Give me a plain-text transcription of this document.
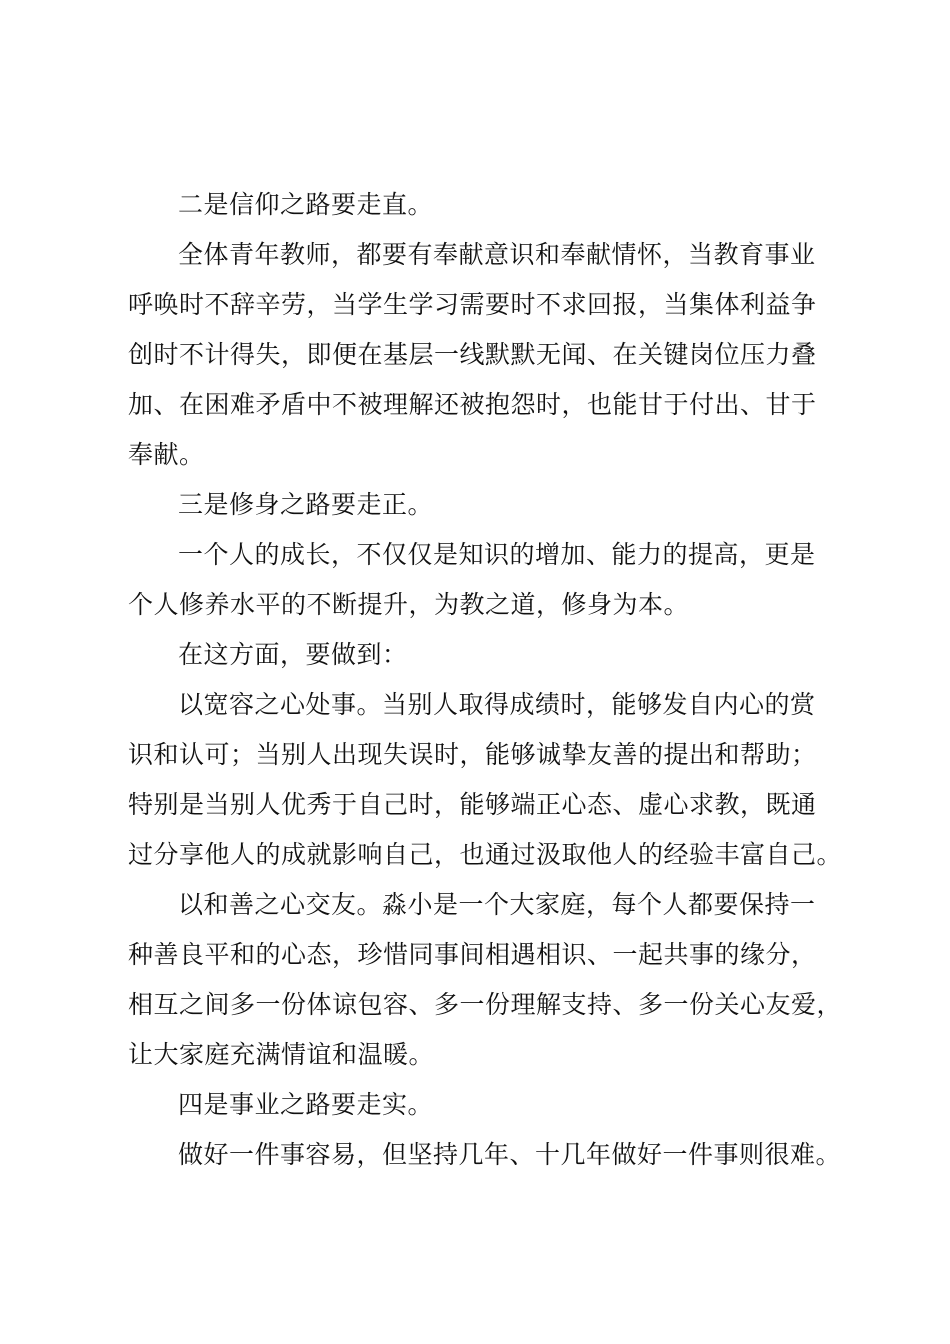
二是信仰之路要走直。
全体青年教师，都要有奉献意识和奉献情怀，当教育事业
呼唤时不辞辛劳，当学生学习需要时不求回报，当集体利益争
创时不计得失，即便在基层一线默默无闻、在关键岗位压力叠
加、在困难矛盾中不被理解还被抱怨时，也能甘于付出、甘于
奉献。
三是修身之路要走正。
一个人的成长，不仅仅是知识的增加、能力的提高，更是
个人修养水平的不断提升，为教之道，修身为本。
在这方面，要做到：
以宽容之心处事。当别人取得成绩时，能够发自内心的赏
识和认可；当别人出现失误时，能够诚挚友善的提出和帮助；
特别是当别人优秀于自己时，能够端正心态、虚心求教，既通
过分享他人的成就影响自己，也通过汲取他人的经验丰富自己。
以和善之心交友。淼小是一个大家庭，每个人都要保持一
种善良平和的心态，珍惜同事间相遇相识、一起共事的缘分，
相互之间多一份体谅包容、多一份理解支持、多一份关心友爱，
让大家庭充满情谊和温暖。
四是事业之路要走实。
做好一件事容易，但坚持几年、十几年做好一件事则很难。
